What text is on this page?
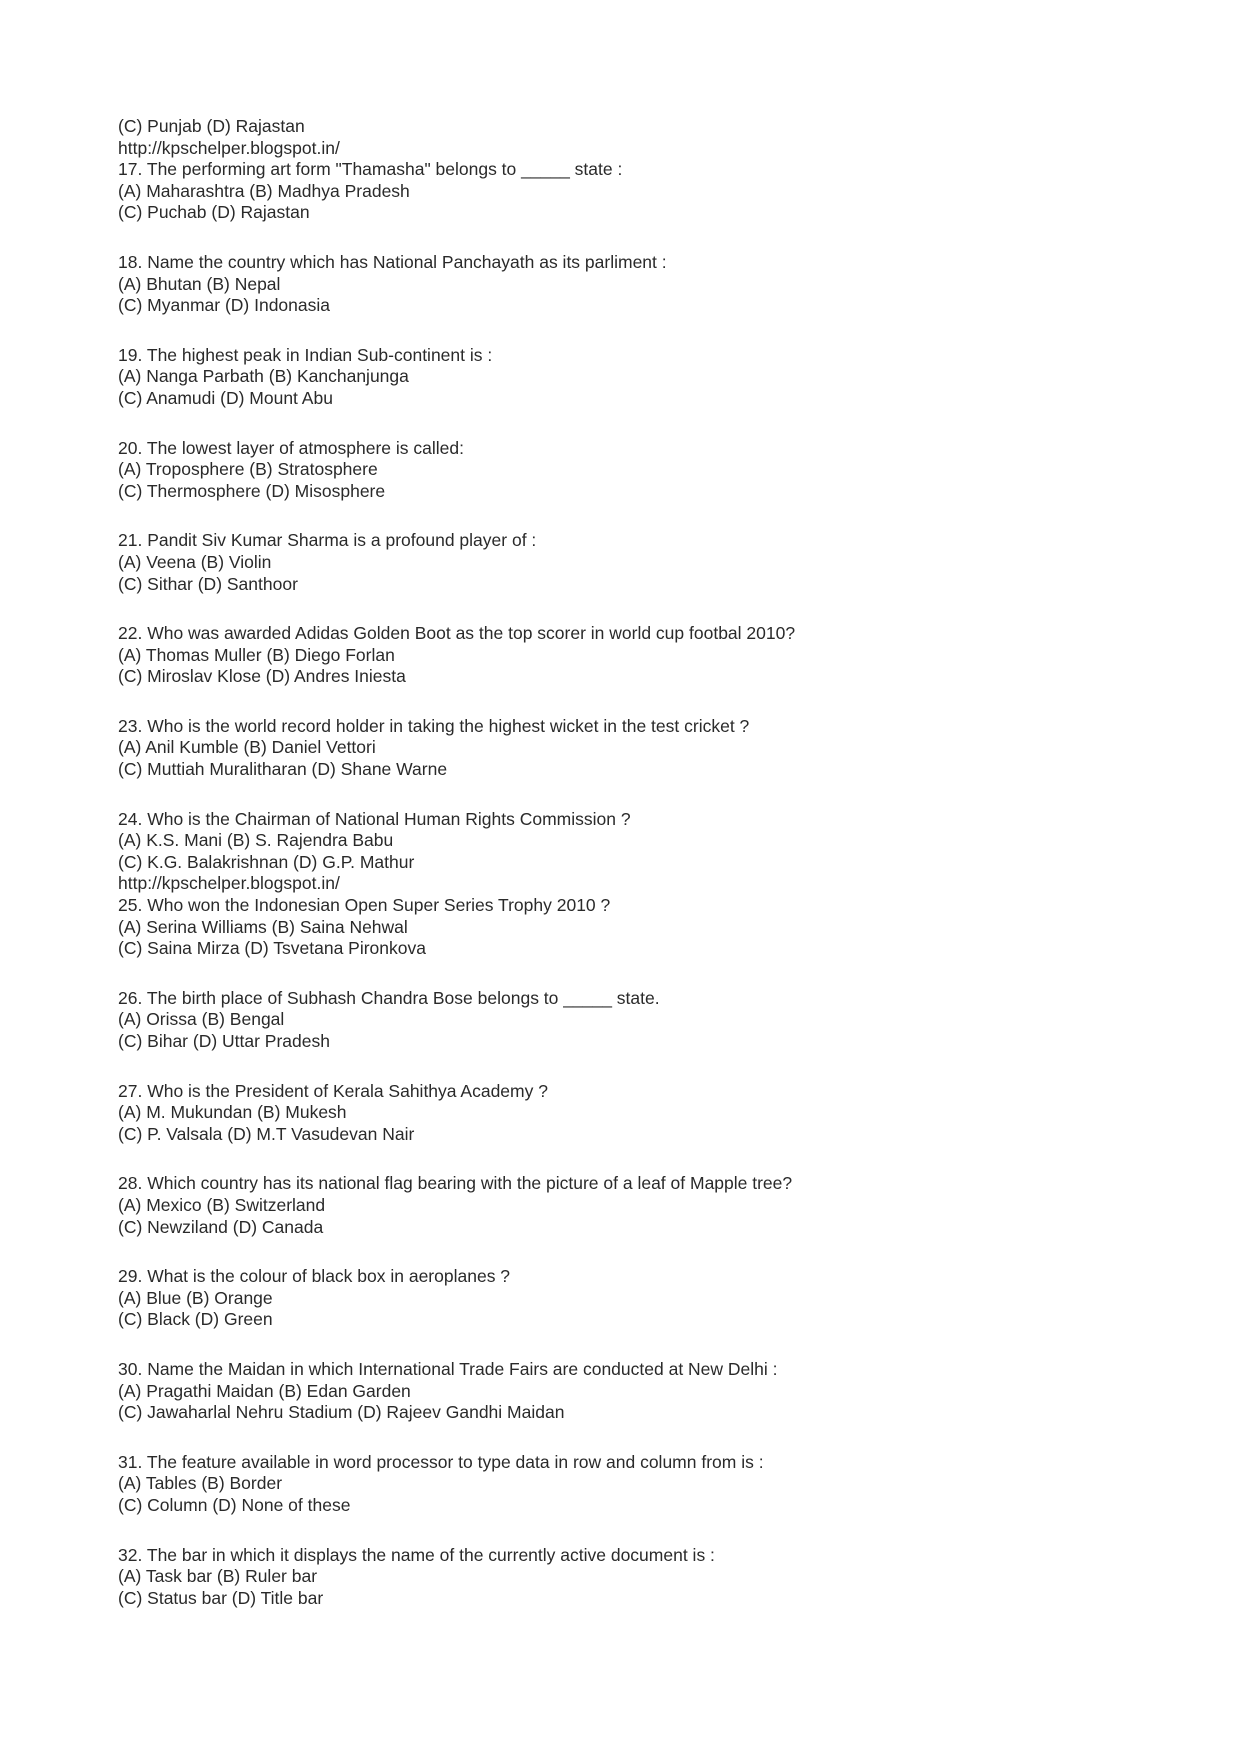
(C) Punjab (D) Rajastan
http://kpschelper.blogspot.in/
17. The performing art form "Thamasha" belongs to _____ state :
(A) Maharashtra (B) Madhya Pradesh
(C) Puchab (D) Rajastan
18. Name the country which has National Panchayath as its parliment :
(A) Bhutan (B) Nepal
(C) Myanmar (D) Indonasia
19. The highest peak in Indian Sub-continent is :
(A) Nanga Parbath (B) Kanchanjunga
(C) Anamudi (D) Mount Abu
20. The lowest layer of atmosphere is called:
(A) Troposphere (B) Stratosphere
(C) Thermosphere (D) Misosphere
21. Pandit Siv Kumar Sharma is a profound player of :
(A) Veena (B) Violin
(C) Sithar (D) Santhoor
22. Who was awarded Adidas Golden Boot as the top scorer in world cup footbal 2010?
(A) Thomas Muller (B) Diego Forlan
(C) Miroslav Klose (D) Andres Iniesta
23. Who is the world record holder in taking the highest wicket in the test cricket ?
(A) Anil Kumble (B) Daniel Vettori
(C) Muttiah Muralitharan (D) Shane Warne
24. Who is the Chairman of National Human Rights Commission ?
(A) K.S. Mani (B) S. Rajendra Babu
(C) K.G. Balakrishnan (D) G.P. Mathur
http://kpschelper.blogspot.in/
25. Who won the Indonesian Open Super Series Trophy 2010 ?
(A) Serina Williams (B) Saina Nehwal
(C) Saina Mirza (D) Tsvetana Pironkova
26. The birth place of Subhash Chandra Bose belongs to _____ state.
(A) Orissa (B) Bengal
(C) Bihar (D) Uttar Pradesh
27. Who is the President of Kerala Sahithya Academy ?
(A) M. Mukundan (B) Mukesh
(C) P. Valsala (D) M.T Vasudevan Nair
28. Which country has its national flag bearing with the picture of a leaf of Mapple tree?
(A) Mexico (B) Switzerland
(C) Newziland (D) Canada
29. What is the colour of black box in aeroplanes ?
(A) Blue (B) Orange
(C) Black (D) Green
30. Name the Maidan in which International Trade Fairs are conducted at New Delhi :
(A) Pragathi Maidan (B) Edan Garden
(C) Jawaharlal Nehru Stadium (D) Rajeev Gandhi Maidan
31. The feature available in word processor to type data in row and column from is :
(A) Tables (B) Border
(C) Column (D) None of these
32. The bar in which it displays the name of the currently active document is :
(A) Task bar (B) Ruler bar
(C) Status bar (D) Title bar
